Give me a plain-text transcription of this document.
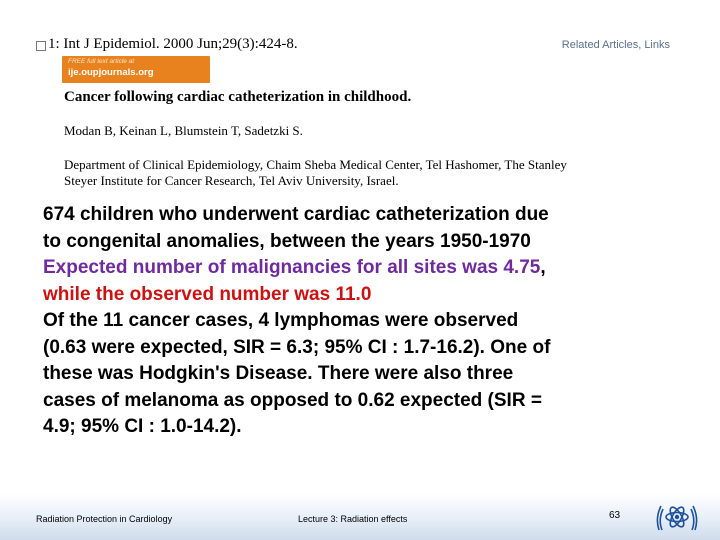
1: Int J Epidemiol. 2000 Jun;29(3):424-8.	Related Articles, Links
FREE full text article at
ije.oupjournals.org
Cancer following cardiac catheterization in childhood.
Modan B, Keinan L, Blumstein T, Sadetzki S.
Department of Clinical Epidemiology, Chaim Sheba Medical Center, Tel Hashomer, The Stanley
Steyer Institute for Cancer Research, Tel Aviv University, Israel.
674 children who underwent cardiac catheterization due
to congenital anomalies, between the years 1950-1970
Expected number of malignancies for all sites was 4.75,
while the observed number was 11.0
Of the 11 cancer cases, 4 lymphomas were observed
(0.63 were expected, SIR = 6.3; 95% CI : 1.7-16.2). One of
these was Hodgkin's Disease. There were also three
cases of melanoma as opposed to 0.62 expected (SIR =
4.9; 95% CI : 1.0-14.2).
Radiation Protection in Cardiology	Lecture 3: Radiation effects	63
